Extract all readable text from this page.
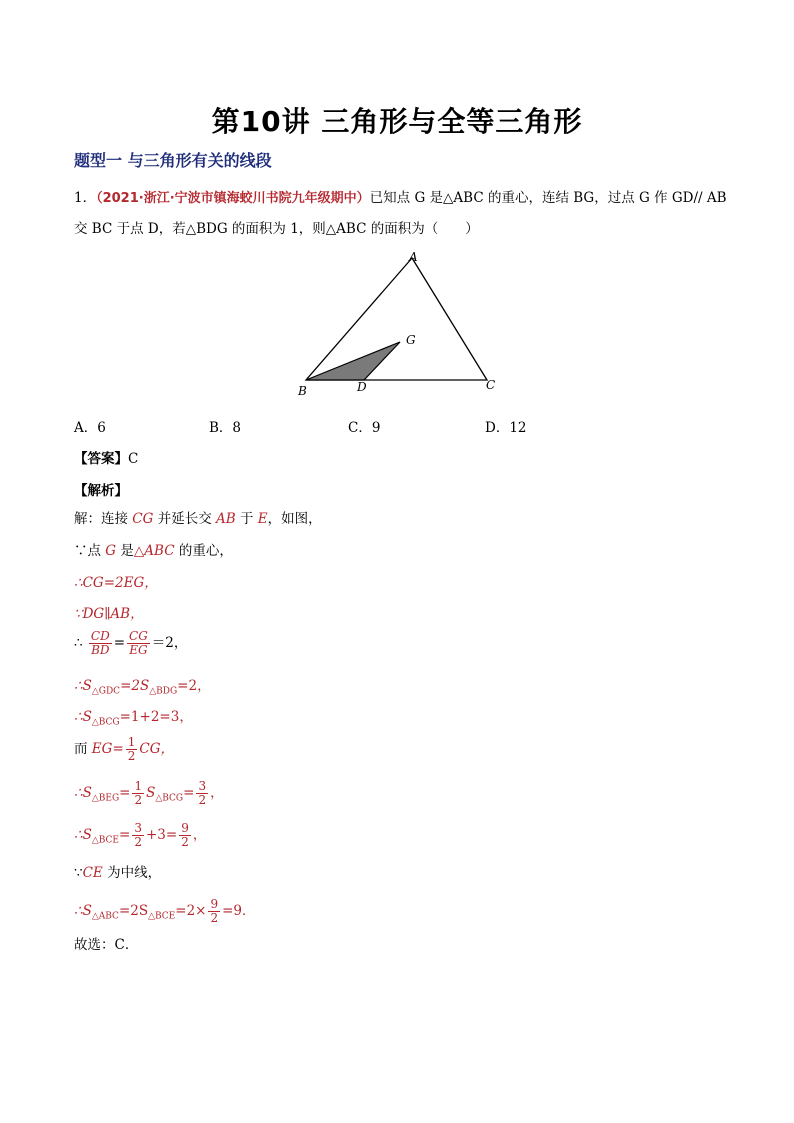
第10讲 三角形与全等三角形
题型一 与三角形有关的线段
1．（2021·浙江·宁波市镇海蛟川书院九年级期中）已知点 G 是△ABC 的重心，连结 BG，过点 G 作 GD// AB
交 BC 于点 D，若△BDG 的面积为 1，则△ABC 的面积为（　　）
A
B	C
D
G
A．6	B．8	C．9	D．12
【答案】C
【解析】
解：连接 CG 并延长交 AB 于 E，如图，
∵点 G 是△ABC 的重心，
∴CG=2EG，
∵DG∥AB，
∴ $\frac{CD}{BD} = \frac{CG}{EG} =2$，
$\therefore S_{\triangle GDC}=2S_{\triangle BDG}=2$，
$\therefore S_{\triangle BCG}=1+2=3$，
而 $EG= \frac{1}{2}$ CG，
$\therefore S_{\triangle BEG}= \frac{1}{2} S_{\triangle BCG}= \frac{3}{2}$ ，
$\therefore S_{\triangle BCE}= \frac{3}{2} +3= \frac{9}{2}$ ，
∵CE 为中线，
$\therefore S_{\triangle ABC}=2S_{\triangle BCE}=2\times \frac{9}{2} =9$．
故选：C．
